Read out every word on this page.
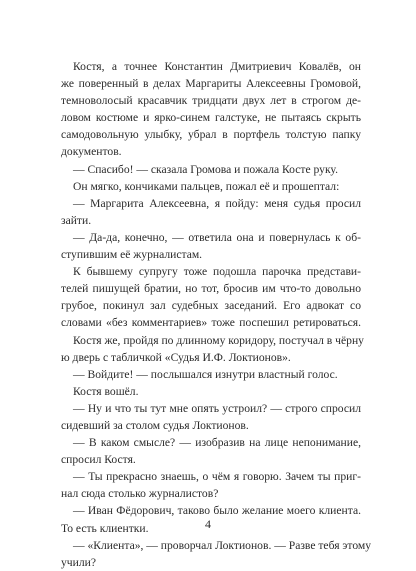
Костя, а точнее Константин Дмитриевич Ковалёв, он

же поверенный в делах Маргариты Алексеевны Громовой,

темноволосый красавчик тридцати двух лет в строгом де-

ловом костюме и ярко-синем галстуке, не пытаясь скрыть

самодовольную улыбку, убрал в портфель толстую папку

документов.

— Спасибо! — сказала Громова и пожала Косте руку.

Он мягко, кончиками пальцев, пожал её и прошептал:

— Маргарита Алексеевна, я пойду: меня судья просил

зайти.

— Да-да, конечно, — ответила она и повернулась к об-

ступившим её журналистам.

К бывшему супругу тоже подошла парочка представи-

телей пишущей братии, но тот, бросив им что-то довольно

грубое, покинул зал судебных заседаний. Его адвокат со

словами «без комментариев» тоже поспешил ретироваться.

Костя же, пройдя по длинному коридору, постучал в чёрну

ю дверь с табличкой «Судья И.Ф. Локтионов».

— Войдите! — послышался изнутри властный голос.

Костя вошёл.

— Ну и что ты тут мне опять устроил? — строго спросил

сидевший за столом судья Локтионов.

— В каком смысле? — изобразив на лице непонимание,

спросил Костя.

— Ты прекрасно знаешь, о чём я говорю. Зачем ты приг-

нал сюда столько журналистов?

— Иван Фёдорович, таково было желание моего клиента.

То есть клиентки.

— «Клиента», — проворчал Локтионов. — Разве тебя этому

учили?

4
